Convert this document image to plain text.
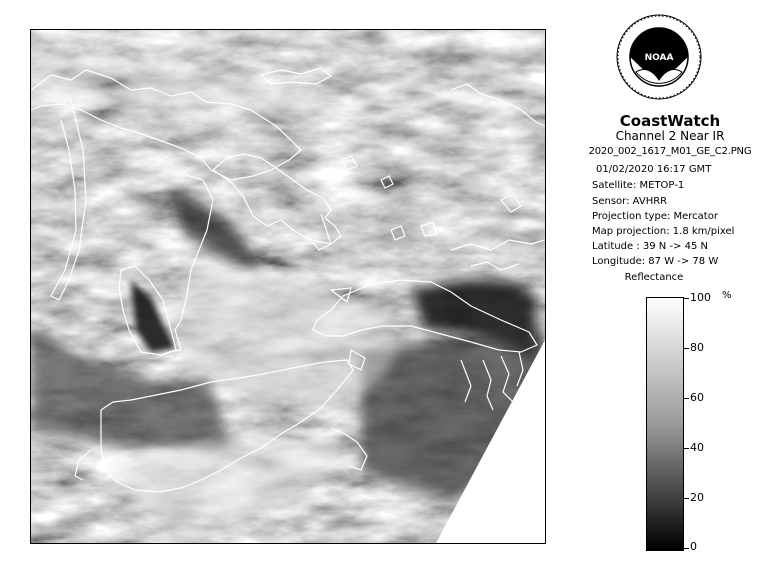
NOAA
CoastWatch
Channel 2 Near IR
2020_002_1617_M01_GE_C2.PNG
01/02/2020 16:17 GMT
Satellite: METOP-1
Sensor: AVHRR
Projection type: Mercator
Map projection: 1.8 km/pixel
Latitude : 39 N -> 45 N
Longitude: 87 W -> 78 W
Reflectance
%
100
80
60
40
20
0
